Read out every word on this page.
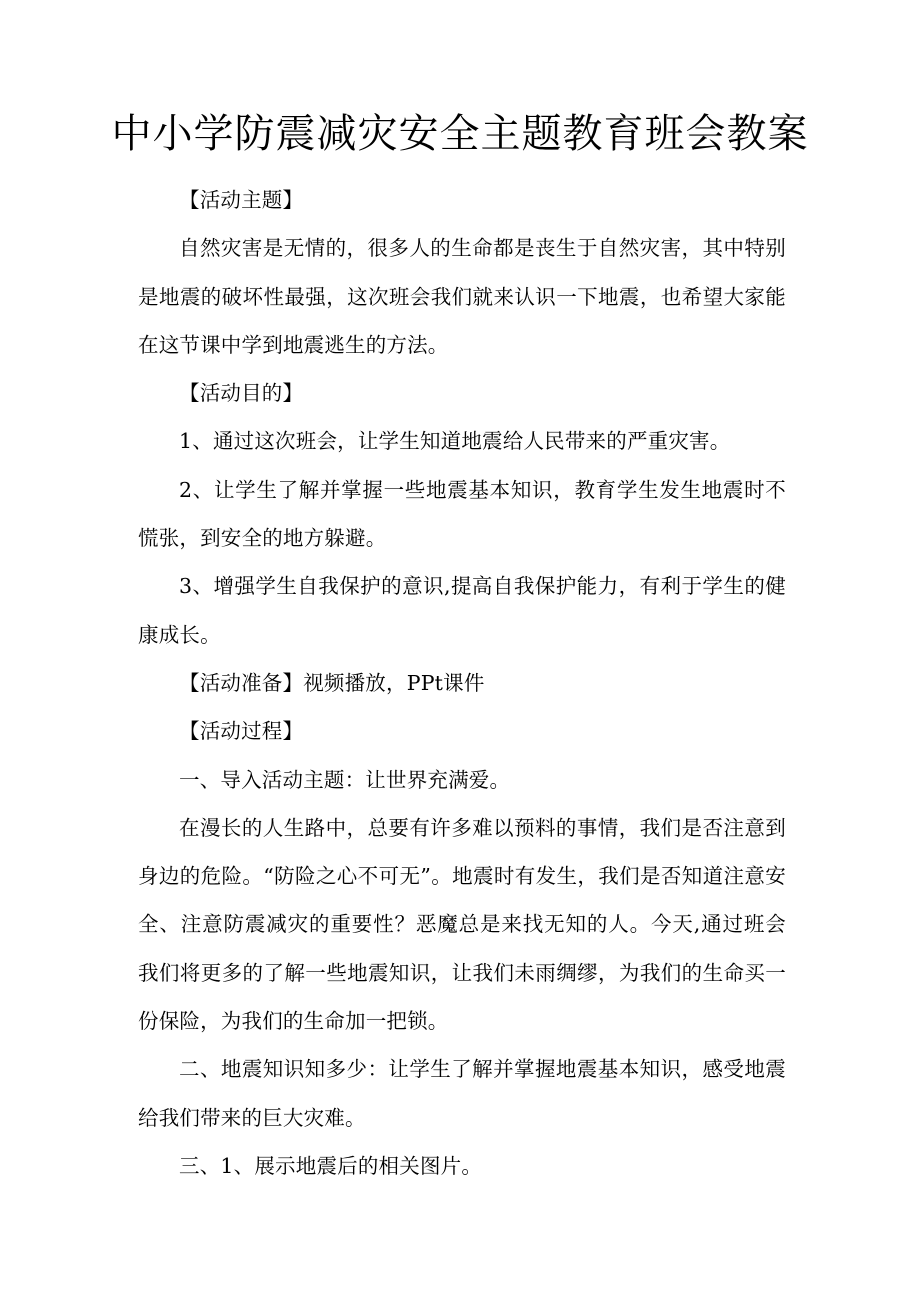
中小学防震减灾安全主题教育班会教案

【活动主题】

自然灾害是无情的，很多人的生命都是丧生于自然灾害，其中特别是地震的破坏性最强，这次班会我们就来认识一下地震，也希望大家能在这节课中学到地震逃生的方法。

【活动目的】

1、通过这次班会，让学生知道地震给人民带来的严重灾害。

2、让学生了解并掌握一些地震基本知识，教育学生发生地震时不慌张，到安全的地方躲避。

3、增强学生自我保护的意识,提高自我保护能力，有利于学生的健康成长。

【活动准备】视频播放，PPt课件

【活动过程】

一、导入活动主题：让世界充满爱。

在漫长的人生路中，总要有许多难以预料的事情，我们是否注意到身边的危险。“防险之心不可无”。地震时有发生，我们是否知道注意安全、注意防震减灾的重要性？恶魔总是来找无知的人。今天,通过班会我们将更多的了解一些地震知识，让我们未雨绸缪，为我们的生命买一份保险，为我们的生命加一把锁。

二、地震知识知多少：让学生了解并掌握地震基本知识，感受地震给我们带来的巨大灾难。

三、1、展示地震后的相关图片。
